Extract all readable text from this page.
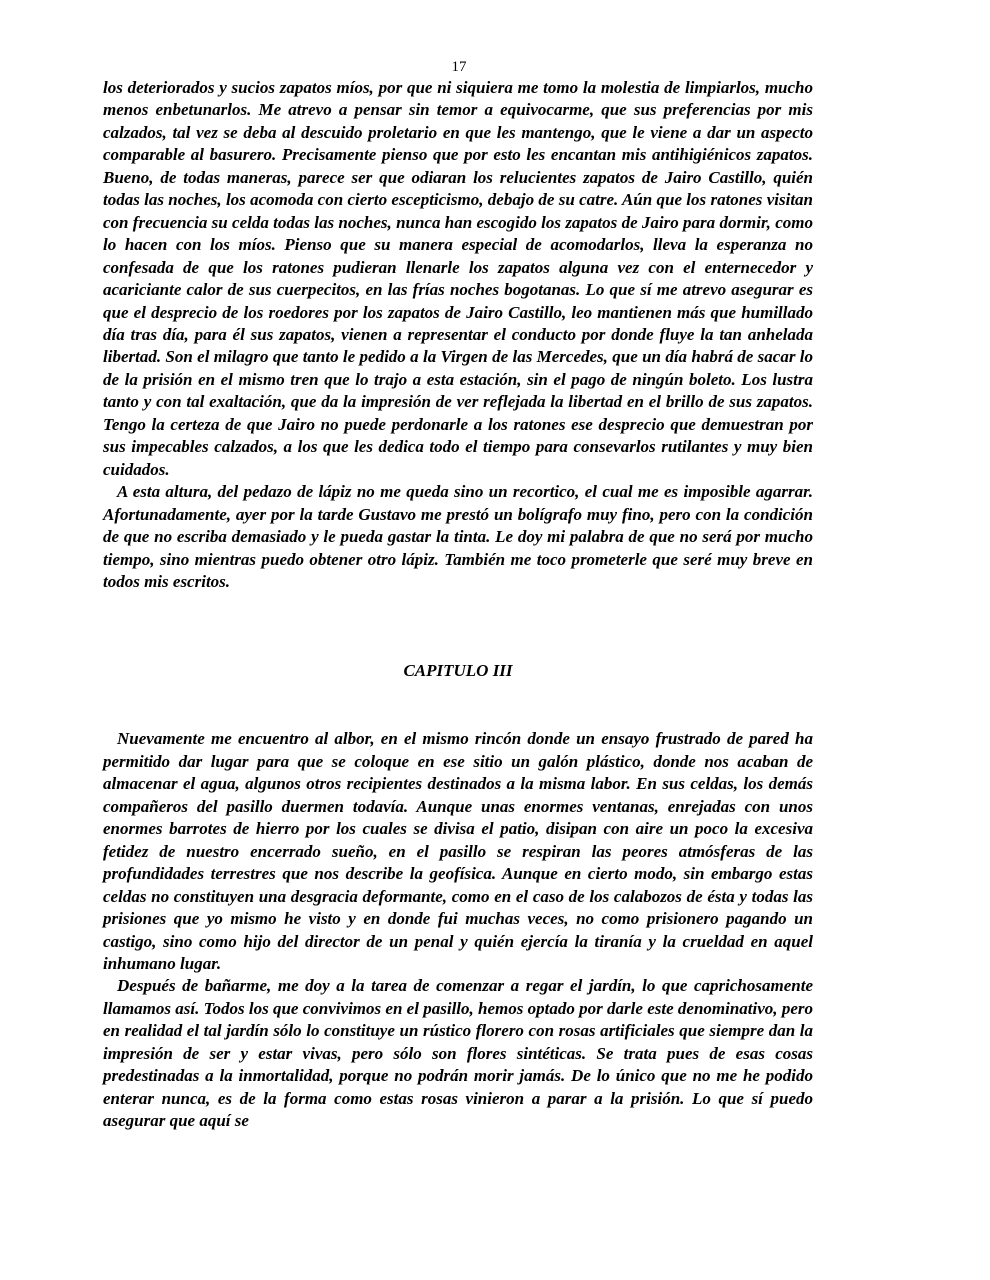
17

los deteriorados y sucios zapatos míos, por que ni siquiera me tomo la molestia de limpiarlos, mucho menos enbetunarlos. Me atrevo a pensar sin temor a equivocarme, que sus preferencias por mis calzados, tal vez se deba al descuido proletario en que les mantengo, que le viene a dar un aspecto comparable al basurero. Precisamente pienso que por esto les encantan mis antihigiénicos zapatos. Bueno, de todas maneras, parece ser que odiaran los relucientes zapatos de Jairo Castillo, quién todas las noches, los acomoda con cierto escepticismo, debajo de su catre. Aún que los ratones visitan con frecuencia su celda todas las noches, nunca han escogido los zapatos de Jairo para dormir, como lo hacen con los míos. Pienso que su manera especial de acomodarlos, lleva la esperanza no confesada de que los ratones pudieran llenarle los zapatos alguna vez con el enternecedor y acariciante calor de sus cuerpecitos, en las frías noches bogotanas. Lo que sí me atrevo asegurar es que el desprecio de los roedores por los zapatos de Jairo Castillo, leo mantienen más que humillado día tras día, para él sus zapatos, vienen a representar el conducto por donde fluye la tan anhelada libertad. Son el milagro que tanto le pedido a la Virgen de las Mercedes, que un día habrá de sacar lo de la prisión en el mismo tren que lo trajo a esta estación, sin el pago de ningún boleto. Los lustra tanto y con tal exaltación, que da la impresión de ver reflejada la libertad en el brillo de sus zapatos. Tengo la certeza de que Jairo no puede perdonarle a los ratones ese desprecio que demuestran por sus impecables calzados, a los que les dedica todo el tiempo para consevarlos rutilantes y muy bien cuidados.

A esta altura, del pedazo de lápiz no me queda sino un recortico, el cual me es imposible agarrar. Afortunadamente, ayer por la tarde Gustavo me prestó un bolígrafo muy fino, pero con la condición de que no escriba demasiado y le pueda gastar la tinta. Le doy mi palabra de que no será por mucho tiempo, sino mientras puedo obtener otro lápiz. También me toco prometerle que seré muy breve en todos mis escritos.

CAPITULO III

Nuevamente me encuentro al albor, en el mismo rincón donde un ensayo frustrado de pared ha permitido dar lugar para que se coloque en ese sitio un galón plástico, donde nos acaban de almacenar el agua, algunos otros recipientes destinados a la misma labor. En sus celdas, los demás compañeros del pasillo duermen todavía. Aunque unas enormes ventanas, enrejadas con unos enormes barrotes de hierro por los cuales se divisa el patio, disipan con aire un poco la excesiva fetidez de nuestro encerrado sueño, en el pasillo se respiran las peores atmósferas de las profundidades terrestres que nos describe la geofísica. Aunque en cierto modo, sin embargo estas celdas no constituyen una desgracia deformante, como en el caso de los calabozos de ésta y todas las prisiones que yo mismo he visto y en donde fui muchas veces, no como prisionero pagando un castigo, sino como hijo del director de un penal y quién ejercía la tiranía y la crueldad en aquel inhumano lugar.

Después de bañarme, me doy a la tarea de comenzar a regar el jardín, lo que caprichosamente llamamos así. Todos los que convivimos en el pasillo, hemos optado por darle este denominativo, pero en realidad el tal jardín sólo lo constituye un rústico florero con rosas artificiales que siempre dan la impresión de ser y estar vivas, pero sólo son flores sintéticas. Se trata pues de esas cosas predestinadas a la inmortalidad, porque no podrán morir jamás. De lo único que no me he podido enterar nunca, es de la forma como estas rosas vinieron a parar a la prisión. Lo que sí puedo asegurar que aquí se
